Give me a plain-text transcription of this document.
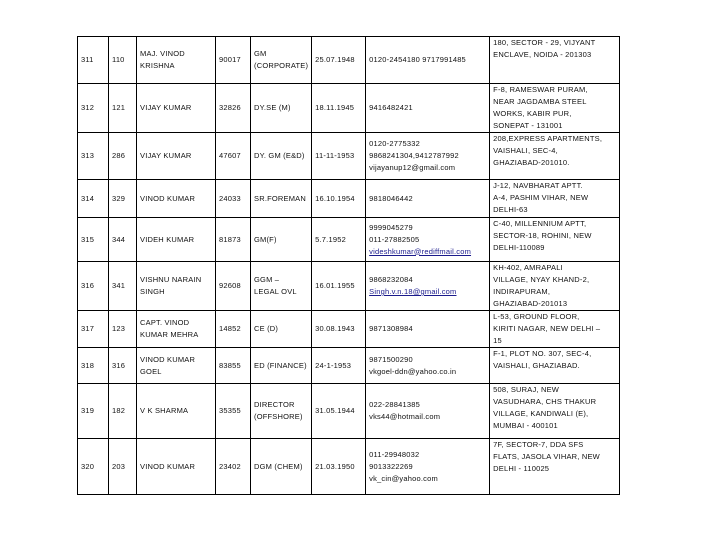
311	110	MAJ. VINOD
KRISHNA	90017	GM
(CORPORATE)	25.07.1948	0120-2454180 9717991485	180, SECTOR - 29, VIJYANT
ENCLAVE, NOIDA - 201303

312	121	VIJAY KUMAR	32826	DY.SE (M)	18.11.1945	9416482421	F-8, RAMESWAR PURAM,
NEAR JAGDAMBA STEEL
WORKS, KABIR PUR,
SONEPAT - 131001

313	286	VIJAY KUMAR	47607	DY. GM (E&D)	11-11-1953	0120-2775332
9868241304,9412787992
vijayanup12@gmail.com	208,EXPRESS APARTMENTS,
VAISHALI, SEC-4,
GHAZIABAD-201010.

314	329	VINOD KUMAR	24033	SR.FOREMAN	16.10.1954	9818046442	J-12, NAVBHARAT APTT.
A-4, PASHIM VIHAR, NEW
DELHI-63

315	344	VIDEH KUMAR	81873	GM(F)	5.7.1952	9999045279
011-27882505
videshkumar@rediffmail.com	C-40, MILLENNIUM APTT,
SECTOR-18, ROHINI, NEW
DELHI-110089

316	341	VISHNU NARAIN
SINGH	92608	GGM –
LEGAL OVL	16.01.1955	9868232084
Singh.v.n.18@gmail.com	KH-402, AMRAPALI
VILLAGE, NYAY KHAND-2,
INDIRAPURAM,
GHAZIABAD-201013

317	123	CAPT. VINOD
KUMAR MEHRA	14852	CE (D)	30.08.1943	9871308984	L-53, GROUND FLOOR,
KIRITI NAGAR, NEW DELHI –
15

318	316	VINOD KUMAR
GOEL	83855	ED (FINANCE)	24-1-1953	9871500290
vkgoel-ddn@yahoo.co.in	F-1, PLOT NO. 307, SEC-4,
VAISHALI, GHAZIABAD.

319	182	V K SHARMA	35355	DIRECTOR
(OFFSHORE)	31.05.1944	022-28841385
vks44@hotmail.com	508, SURAJ, NEW
VASUDHARA, CHS THAKUR
VILLAGE, KANDIWALI (E),
MUMBAI - 400101

320	203	VINOD KUMAR	23402	DGM (CHEM)	21.03.1950	011-29948032
9013322269
vk_cin@yahoo.com	7F, SECTOR-7, DDA SFS
FLATS, JASOLA VIHAR, NEW
DELHI - 110025
